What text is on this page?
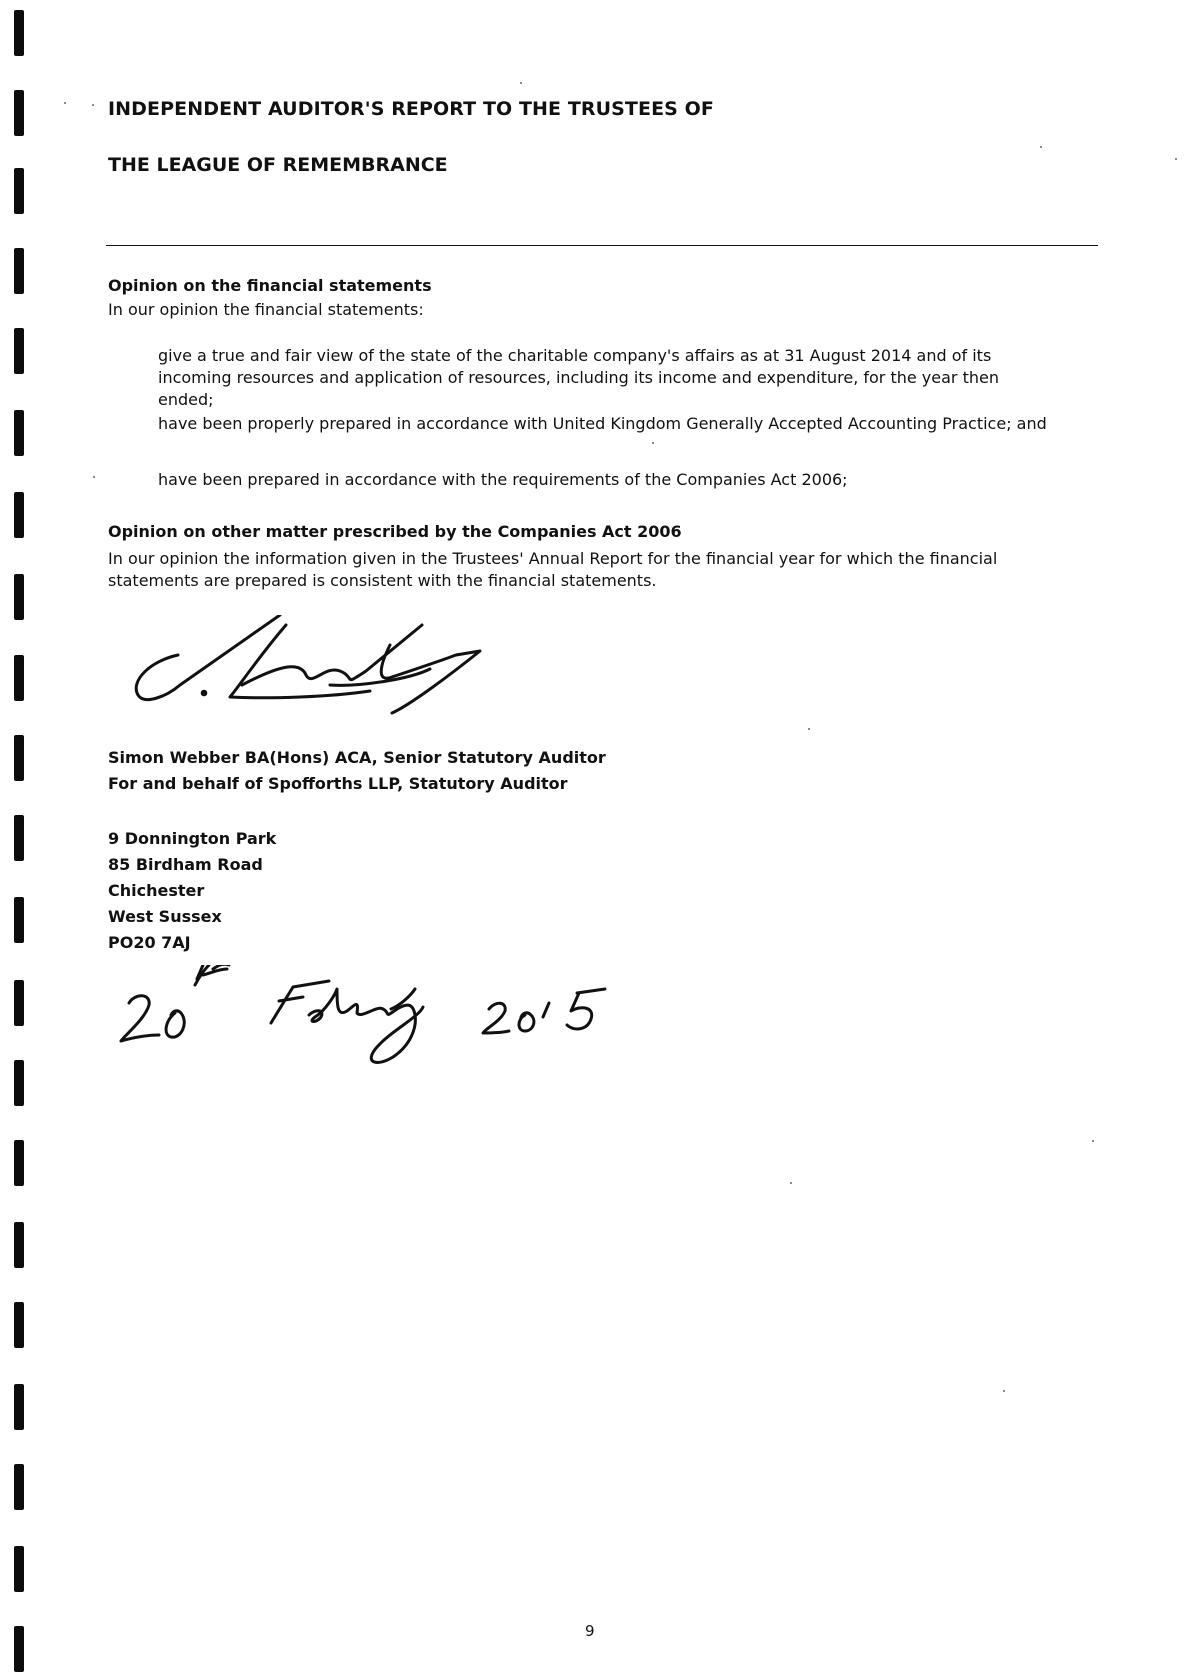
INDEPENDENT AUDITOR'S REPORT TO THE TRUSTEES OF
THE LEAGUE OF REMEMBRANCE
Opinion on the financial statements
In our opinion the financial statements:
give a true and fair view of the state of the charitable company's affairs as at 31 August 2014 and of its incoming resources and application of resources, including its income and expenditure, for the year then ended;
have been properly prepared in accordance with United Kingdom Generally Accepted Accounting Practice; and
have been prepared in accordance with the requirements of the Companies Act 2006;
Opinion on other matter prescribed by the Companies Act 2006
In our opinion the information given in the Trustees' Annual Report for the financial year for which the financial statements are prepared is consistent with the financial statements.
Simon Webber BA(Hons) ACA, Senior Statutory Auditor
For and behalf of Spofforths LLP, Statutory Auditor
9 Donnington Park
85 Birdham Road
Chichester
West Sussex
PO20 7AJ
9
